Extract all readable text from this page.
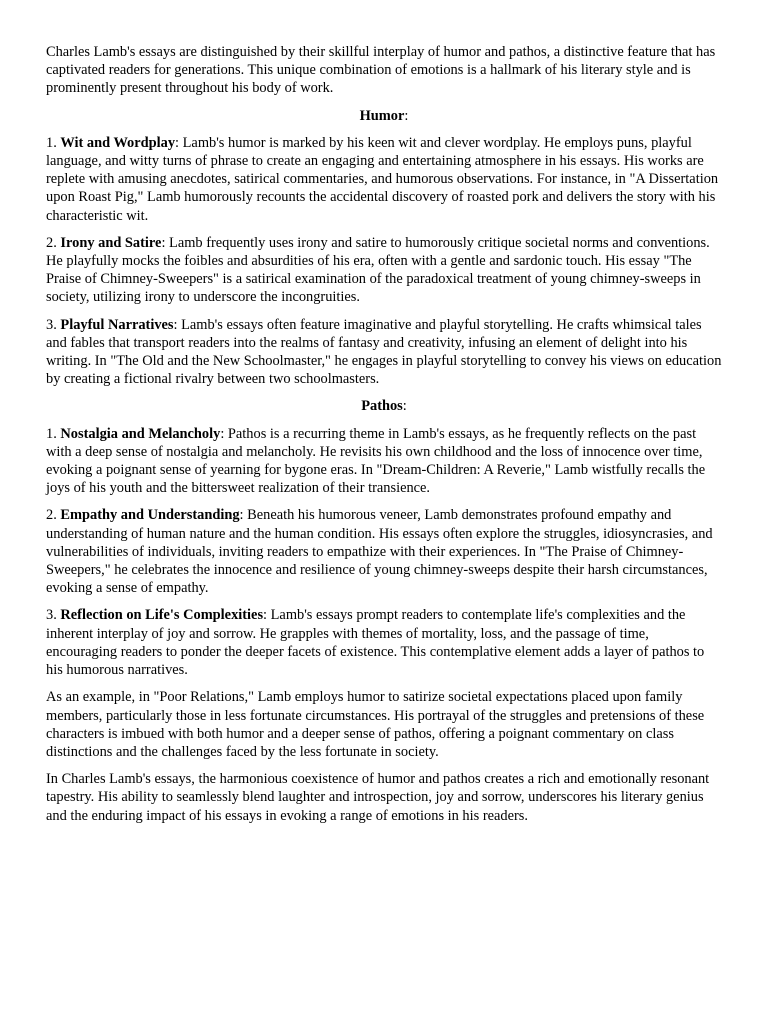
Charles Lamb's essays are distinguished by their skillful interplay of humor and pathos, a distinctive feature that has captivated readers for generations. This unique combination of emotions is a hallmark of his literary style and is prominently present throughout his body of work.

Humor:

1. Wit and Wordplay: Lamb's humor is marked by his keen wit and clever wordplay. He employs puns, playful language, and witty turns of phrase to create an engaging and entertaining atmosphere in his essays. His works are replete with amusing anecdotes, satirical commentaries, and humorous observations. For instance, in "A Dissertation upon Roast Pig," Lamb humorously recounts the accidental discovery of roasted pork and delivers the story with his characteristic wit.

2. Irony and Satire: Lamb frequently uses irony and satire to humorously critique societal norms and conventions. He playfully mocks the foibles and absurdities of his era, often with a gentle and sardonic touch. His essay "The Praise of Chimney-Sweepers" is a satirical examination of the paradoxical treatment of young chimney-sweeps in society, utilizing irony to underscore the incongruities.

3. Playful Narratives: Lamb's essays often feature imaginative and playful storytelling. He crafts whimsical tales and fables that transport readers into the realms of fantasy and creativity, infusing an element of delight into his writing. In "The Old and the New Schoolmaster," he engages in playful storytelling to convey his views on education by creating a fictional rivalry between two schoolmasters.

Pathos:

1. Nostalgia and Melancholy: Pathos is a recurring theme in Lamb's essays, as he frequently reflects on the past with a deep sense of nostalgia and melancholy. He revisits his own childhood and the loss of innocence over time, evoking a poignant sense of yearning for bygone eras. In "Dream-Children: A Reverie," Lamb wistfully recalls the joys of his youth and the bittersweet realization of their transience.

2. Empathy and Understanding: Beneath his humorous veneer, Lamb demonstrates profound empathy and understanding of human nature and the human condition. His essays often explore the struggles, idiosyncrasies, and vulnerabilities of individuals, inviting readers to empathize with their experiences. In "The Praise of Chimney-Sweepers," he celebrates the innocence and resilience of young chimney-sweeps despite their harsh circumstances, evoking a sense of empathy.

3. Reflection on Life's Complexities: Lamb's essays prompt readers to contemplate life's complexities and the inherent interplay of joy and sorrow. He grapples with themes of mortality, loss, and the passage of time, encouraging readers to ponder the deeper facets of existence. This contemplative element adds a layer of pathos to his humorous narratives.

As an example, in "Poor Relations," Lamb employs humor to satirize societal expectations placed upon family members, particularly those in less fortunate circumstances. His portrayal of the struggles and pretensions of these characters is imbued with both humor and a deeper sense of pathos, offering a poignant commentary on class distinctions and the challenges faced by the less fortunate in society.

In Charles Lamb's essays, the harmonious coexistence of humor and pathos creates a rich and emotionally resonant tapestry. His ability to seamlessly blend laughter and introspection, joy and sorrow, underscores his literary genius and the enduring impact of his essays in evoking a range of emotions in his readers.
